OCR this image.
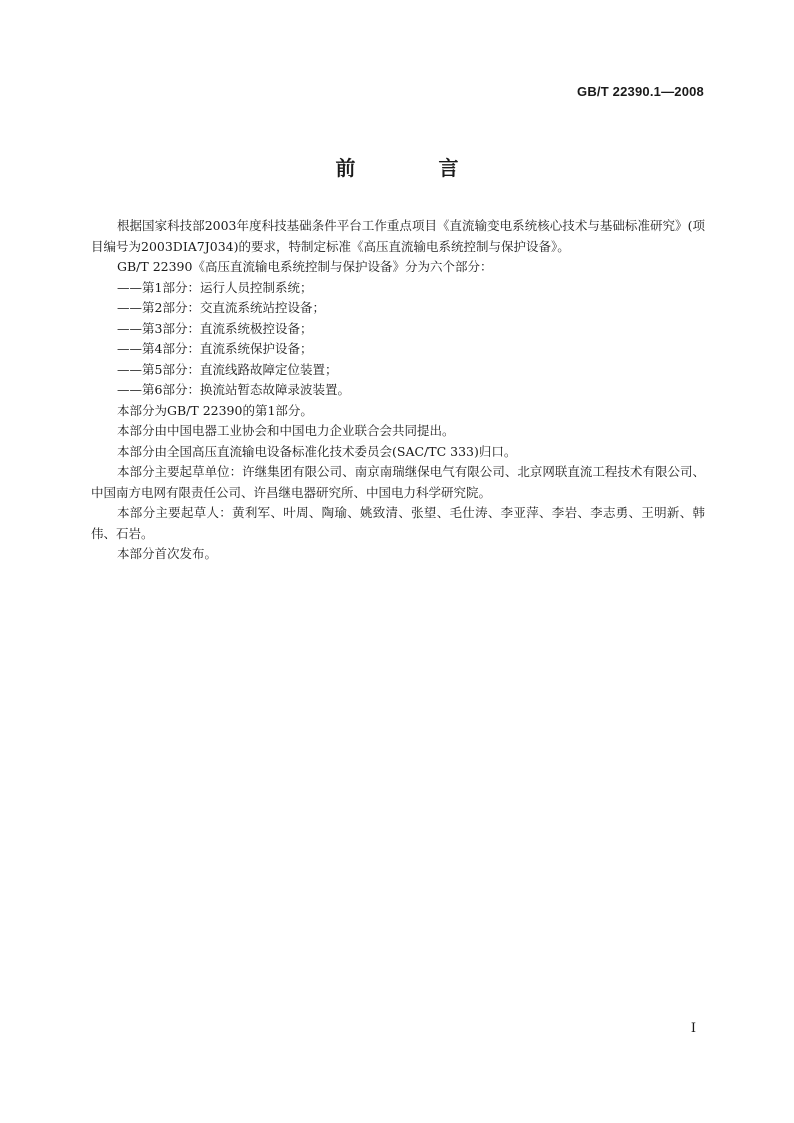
GB/T 22390.1—2008
前 言

根据国家科技部2003年度科技基础条件平台工作重点项目《直流输变电系统核心技术与基础标准研究》(项目编号为2003DIA7J034)的要求，特制定标准《高压直流输电系统控制与保护设备》。

GB/T 22390《高压直流输电系统控制与保护设备》分为六个部分：

——第1部分：运行人员控制系统；

——第2部分：交直流系统站控设备；

——第3部分：直流系统极控设备；

——第4部分：直流系统保护设备；

——第5部分：直流线路故障定位装置；

——第6部分：换流站暂态故障录波装置。

本部分为GB/T 22390的第1部分。

本部分由中国电器工业协会和中国电力企业联合会共同提出。

本部分由全国高压直流输电设备标准化技术委员会(SAC/TC 333)归口。

本部分主要起草单位：许继集团有限公司、南京南瑞继保电气有限公司、北京网联直流工程技术有限公司、中国南方电网有限责任公司、许昌继电器研究所、中国电力科学研究院。

本部分主要起草人：黄利军、叶周、陶瑜、姚致清、张望、毛仕涛、李亚萍、李岩、李志勇、王明新、韩伟、石岩。

本部分首次发布。

I
